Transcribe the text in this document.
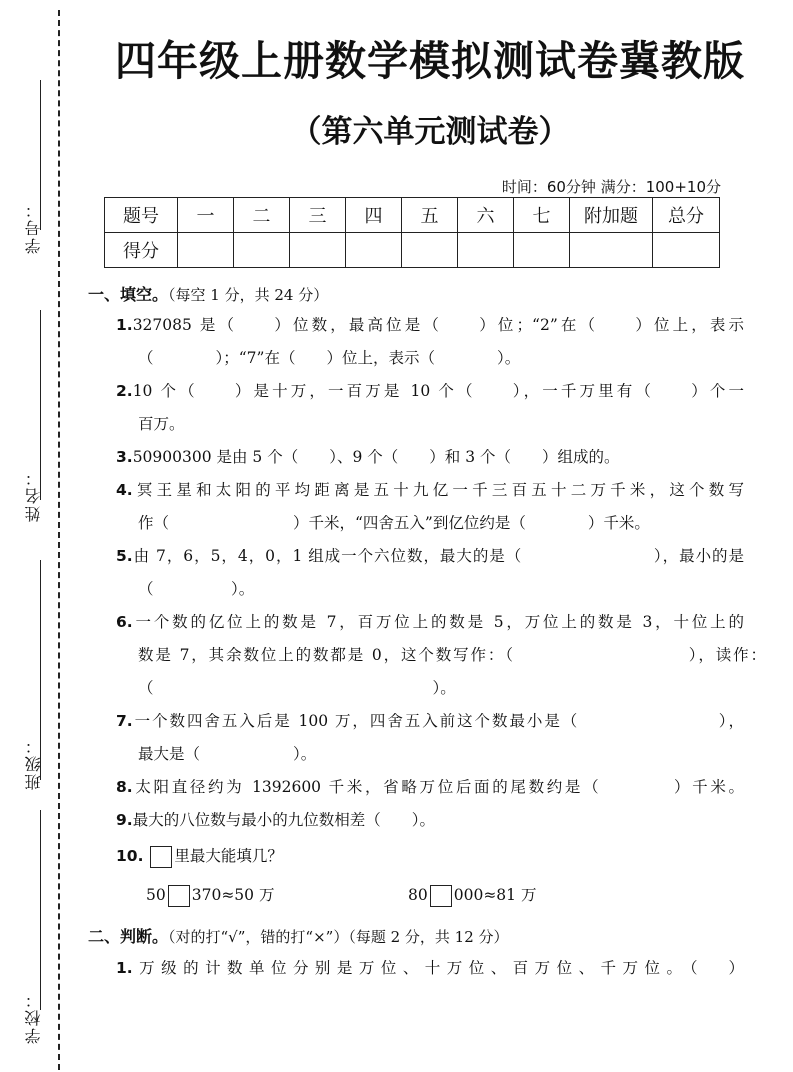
学号：
姓名：
班级：
学校：
四年级上册数学模拟测试卷冀教版
（第六单元测试卷）
时间：60分钟 满分：100+10分
题号	一	二	三	四	五	六	七	附加题	总分
得分									
一、填空。（每空 1 分，共 24 分）
1.327085 是（　　）位数，最高位是（　　）位；“2”在（　　）位上，表示
（　　　　）；“7”在（　　）位上，表示（　　　　）。
2.10 个（　　）是十万，一百万是 10 个（　　），一千万里有（　　）个一
百万。
3.50900300 是由 5 个（　　）、9 个（　　）和 3 个（　　）组成的。
4.冥王星和太阳的平均距离是五十九亿一千三百五十二万千米，这个数写
作（　　　　　　　　）千米，“四舍五入”到亿位约是（　　　　）千米。
5.由 7，6，5，4，0，1 组成一个六位数，最大的是（　　　　　　　　），最小的是
（　　　　　）。
6.一个数的亿位上的数是 7，百万位上的数是 5，万位上的数是 3，十位上的
数是 7，其余数位上的数都是 0，这个数写作：（　　　　　　　　　　），读作：
（　　　　　　　　　　　　　　　　　　）。
7.一个数四舍五入后是 100 万，四舍五入前这个数最小是（　　　　　　　　），
最大是（　　　　　　）。
8.太阳直径约为 1392600 千米，省略万位后面的尾数约是（　　　　）千米。
9.最大的八位数与最小的九位数相差（　　）。
10. 里最大能填几？
50 370≈50 万	80 000≈81 万
二、判断。（对的打“√”，错的打“×”）（每题 2 分，共 12 分）
1.万级的计数单位分别是万位、十万位、百万位、千万位。 （　　）
